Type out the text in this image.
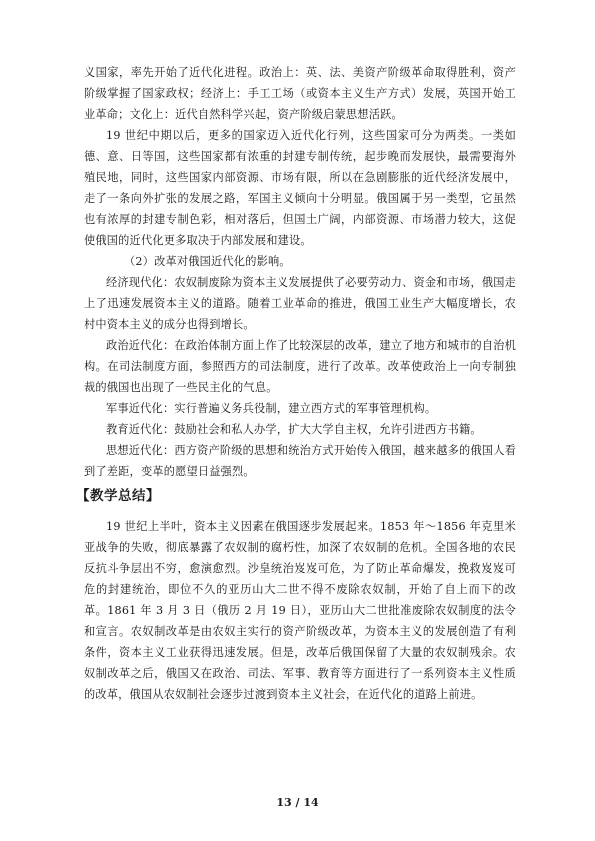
义国家，率先开始了近代化进程。政治上：英、法、美资产阶级革命取得胜利，资产阶级掌握了国家政权；经济上：手工工场（或资本主义生产方式）发展，英国开始工业革命；文化上：近代自然科学兴起，资产阶级启蒙思想活跃。

19 世纪中期以后，更多的国家迈入近代化行列，这些国家可分为两类。一类如德、意、日等国，这些国家都有浓重的封建专制传统，起步晚而发展快，最需要海外殖民地，同时，这些国家内部资源、市场有限，所以在急剧膨胀的近代经济发展中，走了一条向外扩张的发展之路，军国主义倾向十分明显。俄国属于另一类型，它虽然也有浓厚的封建专制色彩，相对落后，但国土广阔，内部资源、市场潜力较大，这促使俄国的近代化更多取决于内部发展和建设。

（2）改革对俄国近代化的影响。

经济现代化：农奴制废除为资本主义发展提供了必要劳动力、资金和市场，俄国走上了迅速发展资本主义的道路。随着工业革命的推进，俄国工业生产大幅度增长，农村中资本主义的成分也得到增长。

政治近代化：在政治体制方面上作了比较深层的改革，建立了地方和城市的自治机构。在司法制度方面，参照西方的司法制度，进行了改革。改革使政治上一向专制独裁的俄国也出现了一些民主化的气息。

军事近代化：实行普遍义务兵役制，建立西方式的军事管理机构。

教育近代化：鼓励社会和私人办学，扩大大学自主权，允许引进西方书籍。

思想近代化：西方资产阶级的思想和统治方式开始传入俄国，越来越多的俄国人看到了差距，变革的愿望日益强烈。

【教学总结】

19 世纪上半叶，资本主义因素在俄国逐步发展起来。1853 年～1856 年克里米亚战争的失败，彻底暴露了农奴制的腐朽性，加深了农奴制的危机。全国各地的农民反抗斗争层出不穷，愈演愈烈。沙皇统治岌岌可危，为了防止革命爆发，挽救岌岌可危的封建统治，即位不久的亚历山大二世不得不废除农奴制，开始了自上而下的改革。1861 年 3 月 3 日（俄历 2 月 19 日），亚历山大二世批准废除农奴制度的法令和宣言。农奴制改革是由农奴主实行的资产阶级改革，为资本主义的发展创造了有利条件，资本主义工业获得迅速发展。但是，改革后俄国保留了大量的农奴制残余。农奴制改革之后，俄国又在政治、司法、军事、教育等方面进行了一系列资本主义性质的改革，俄国从农奴制社会逐步过渡到资本主义社会，在近代化的道路上前进。

13 / 14
